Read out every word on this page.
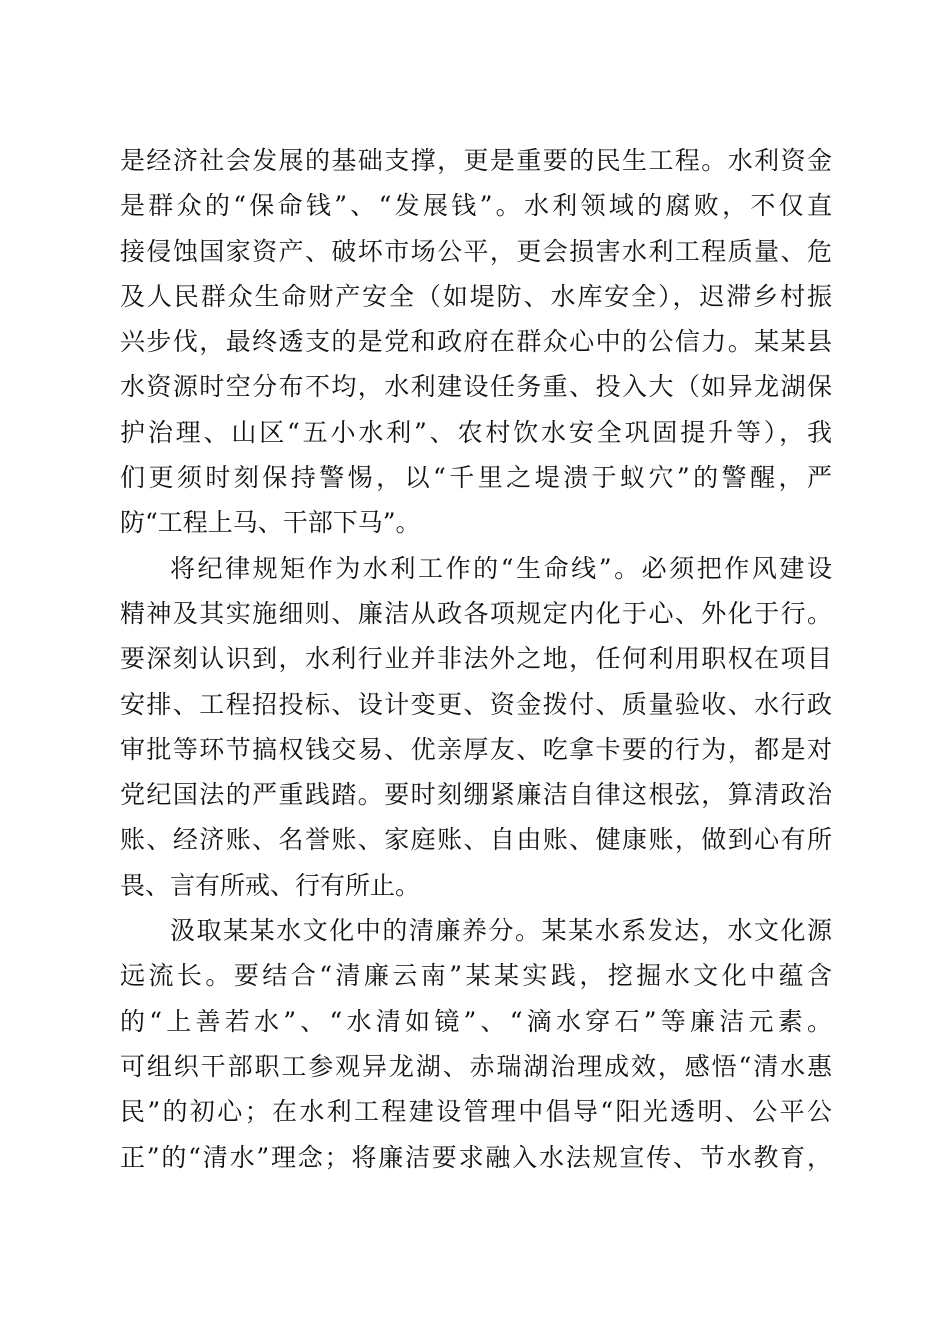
是经济社会发展的基础支撑，更是重要的民生工程。水利资金
是群众的“保命钱”、“发展钱”。水利领域的腐败，不仅直
接侵蚀国家资产、破坏市场公平，更会损害水利工程质量、危
及人民群众生命财产安全（如堤防、水库安全），迟滞乡村振
兴步伐，最终透支的是党和政府在群众心中的公信力。某某县
水资源时空分布不均，水利建设任务重、投入大（如异龙湖保
护治理、山区“五小水利”、农村饮水安全巩固提升等），我
们更须时刻保持警惕，以“千里之堤溃于蚁穴”的警醒，严
防“工程上马、干部下马”。
将纪律规矩作为水利工作的“生命线”。必须把作风建设
精神及其实施细则、廉洁从政各项规定内化于心、外化于行。
要深刻认识到，水利行业并非法外之地，任何利用职权在项目
安排、工程招投标、设计变更、资金拨付、质量验收、水行政
审批等环节搞权钱交易、优亲厚友、吃拿卡要的行为，都是对
党纪国法的严重践踏。要时刻绷紧廉洁自律这根弦，算清政治
账、经济账、名誉账、家庭账、自由账、健康账，做到心有所
畏、言有所戒、行有所止。
汲取某某水文化中的清廉养分。某某水系发达，水文化源
远流长。要结合“清廉云南”某某实践，挖掘水文化中蕴含
的“上善若水”、“水清如镜”、“滴水穿石”等廉洁元素。
可组织干部职工参观异龙湖、赤瑞湖治理成效，感悟“清水惠
民”的初心；在水利工程建设管理中倡导“阳光透明、公平公
正”的“清水”理念；将廉洁要求融入水法规宣传、节水教育，
